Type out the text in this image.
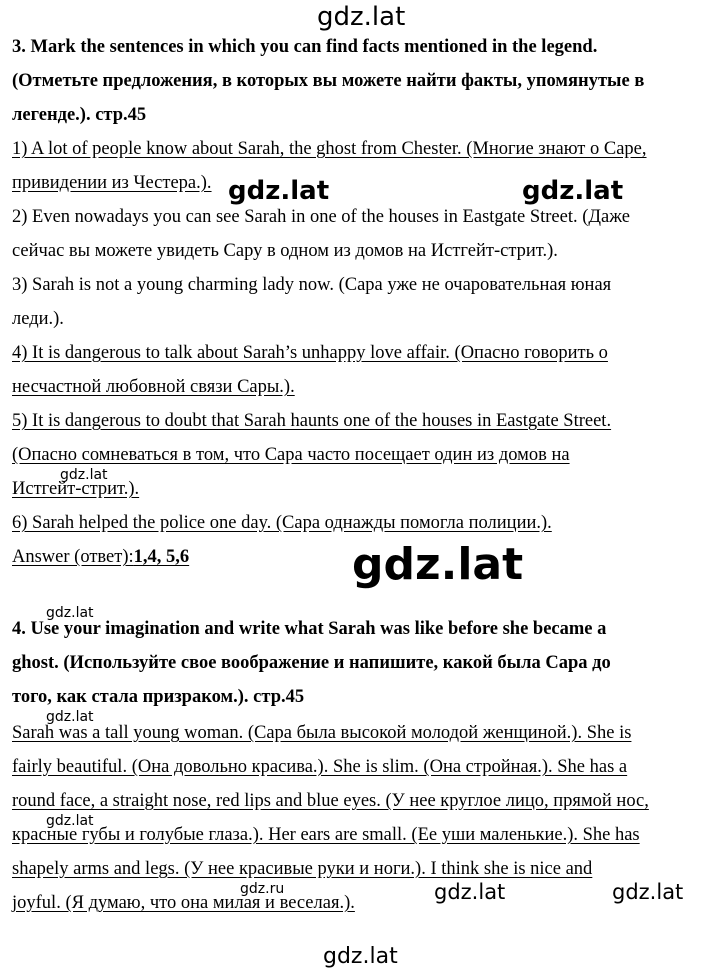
gdz.lat
3. Mark the sentences in which you can find facts mentioned in the legend.
(Отметьте предложения, в которых вы можете найти факты, упомянутые в
легенде.). стр.45
1) A lot of people know about Sarah, the ghost from Chester. (Многие знают о Саре,
привидении из Честера.). gdz.lat	gdz.lat
2) Even nowadays you can see Sarah in one of the houses in Eastgate Street. (Даже
сейчас вы можете увидеть Сару в одном из домов на Истгейт-стрит.).
3) Sarah is not a young charming lady now. (Сара уже не очаровательная юная
леди.).
4) It is dangerous to talk about Sarah’s unhappy love affair. (Опасно говорить о
несчастной любовной связи Сары.).
5) It is dangerous to doubt that Sarah haunts one of the houses in Eastgate Street.
(Опасно сомневаться в том, что Сара часто посещает один из домов на
gdz.lat
Истгейт-стрит.).
6) Sarah helped the police one day. (Сара однажды помогла полиции.).
Answer (ответ):1,4, 5,6	gdz.lat
gdz.lat
4. Use your imagination and write what Sarah was like before she became a
ghost. (Используйте свое воображение и напишите, какой была Сара до
того, как стала призраком.). стр.45
gdz.lat
Sarah was a tall young woman. (Сара была высокой молодой женщиной.). She is
fairly beautiful. (Она довольно красива.). She is slim. (Она стройная.). She has a
round face, a straight nose, red lips and blue eyes. (У нее круглое лицо, прямой нос,
gdz.lat
красные губы и голубые глаза.). Her ears are small. (Ее уши маленькие.). She has
shapely arms and legs. (У нее красивые руки и ноги.). I think she is nice and
gdz.ru
joyful. (Я думаю, что она милая и веселая.).	gdz.lat	gdz.lat
gdz.lat
